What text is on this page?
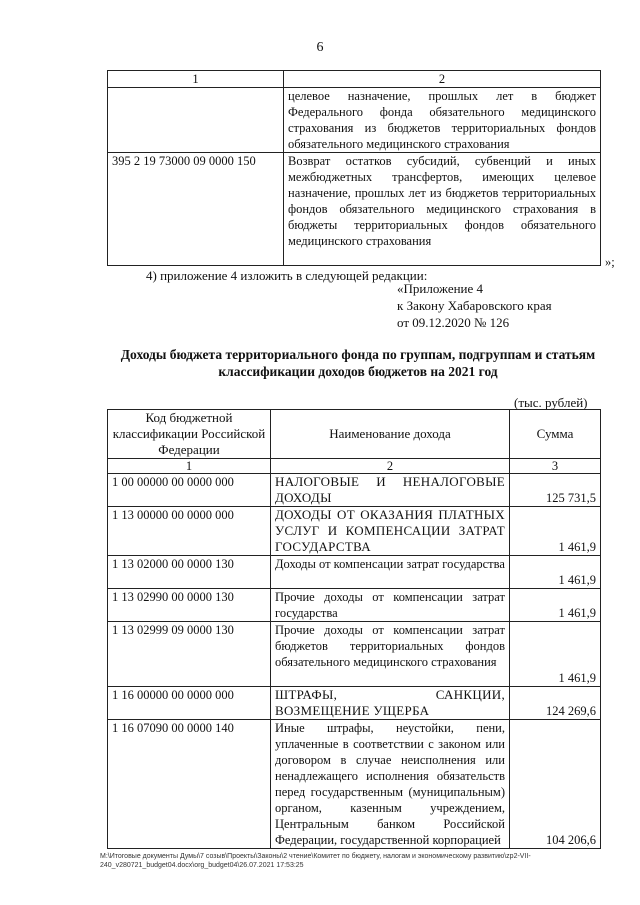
6
1	2
	целевое назначение, прошлых лет в бюджет Федерального фонда обязательного медицинского страхования из бюджетов территориальных фондов обязательного медицинского страхования
395 2 19 73000 09 0000 150	Возврат остатков субсидий, субвенций и иных межбюджетных трансфертов, имеющих целевое назначение, прошлых лет из бюджетов территориальных фондов обязательного медицинского страхования в бюджеты территориальных фондов обязательного медицинского страхования
»;
4) приложение 4 изложить в следующей редакции:
«Приложение 4
к Закону Хабаровского края
от 09.12.2020 № 126
Доходы бюджета территориального фонда по группам, подгруппам и статьям
классификации доходов бюджетов на 2021 год
(тыс. рублей)
Код бюджетной классификации Российской Федерации	Наименование дохода	Сумма
1	2	3
1 00 00000 00 0000 000	НАЛОГОВЫЕ И НЕНАЛОГОВЫЕ ДОХОДЫ	125 731,5
1 13 00000 00 0000 000	ДОХОДЫ ОТ ОКАЗАНИЯ ПЛАТНЫХ УСЛУГ И КОМПЕНСАЦИИ ЗАТРАТ ГОСУДАРСТВА	1 461,9
1 13 02000 00 0000 130	Доходы от компенсации затрат государства	1 461,9
1 13 02990 00 0000 130	Прочие доходы от компенсации затрат государства	1 461,9
1 13 02999 09 0000 130	Прочие доходы от компенсации затрат бюджетов территориальных фондов обязательного медицинского страхования	1 461,9
1 16 00000 00 0000 000	ШТРАФЫ, САНКЦИИ, ВОЗМЕЩЕНИЕ УЩЕРБА	124 269,6
1 16 07090 00 0000 140	Иные штрафы, неустойки, пени, уплаченные в соответствии с законом или договором в случае неисполнения или ненадлежащего исполнения обязательств перед государственным (муниципальным) органом, казенным учреждением, Центральным банком Российской Федерации, государственной корпорацией	104 206,6
M:\Итоговые документы Думы\7 созыв\Проекты\Законы\2 чтение\Комитет по бюджету, налогам и экономическому развитию\zp2-VII-240_v280721_budget04.docx\org_budget04\26.07.2021 17:53:25
